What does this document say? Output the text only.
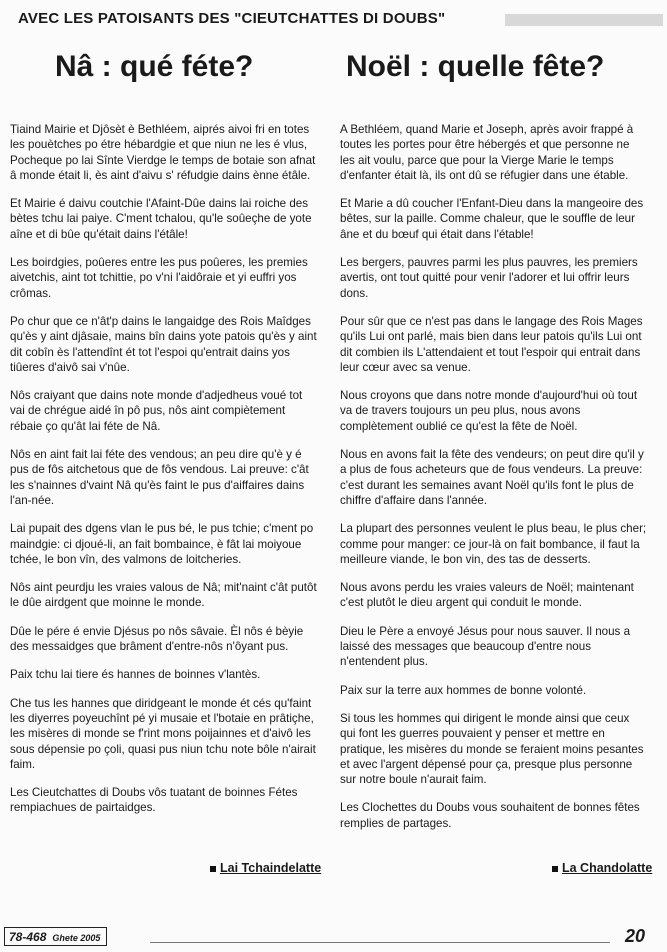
AVEC LES PATOISANTS DES "CIEUTCHATTES DI DOUBS"
Nâ : qué féte?	Noël : quelle fête?

Tiaind Mairie et Djôsèt è Bethléem, aiprés aivoi fri en totes les pouètches po étre hébardgie et que niun ne les é vlus, Pocheque po lai Sînte Vierdge le temps de botaie son afnat â monde était li, ès aint d'aivu s' réfudgie dains ènne étâle.

Et Mairie é daivu coutchie l'Afaint-Dûe dains lai roiche des bètes tchu lai paiye. C'ment tchalou, qu'le soûeçhe de yote aîne et di bûe qu'était dains l'étâle!

Les boirdgies, poûeres entre les pus poûeres, les premies aivetchis, aint tot tchittie, po v'ni l'aidôraie et yi euffri yos crômas.

Po chur que ce n'ât'p dains le langaidge des Rois Maîdges qu'ès y aint djâsaie, mains bîn dains yote patois qu'ès y aint dit cobîn ès l'attendînt ét tot l'espoi qu'entrait dains yos tiûeres d'aivô sai v'nûe.

Nôs craiyant que dains note monde d'adjedheus voué tot vai de chrégue aidé în pô pus, nôs aint compiètement rébaie ço qu'ât lai féte de Nâ.

Nôs en aint fait lai féte des vendous; an peu dire qu'è y é pus de fôs aitchetous que de fôs vendous. Lai preuve: c'ât les s'nainnes d'vaint Nâ qu'ès faint le pus d'aiffaires dains l'an-née.

Lai pupait des dgens vlan le pus bé, le pus tchie; c'ment po maindgie: ci djoué-li, an fait bombaince, è fât lai moiyoue tchée, le bon vîn, des valmons de loitcheries.

Nôs aint peurdju les vraies valous de Nâ; mit'naint c'ât putôt le dûe airdgent que moinne le monde.

Dûe le pére é envie Djésus po nôs sâvaie. Èl nôs é bèyie des messaidges que brâment d'entre-nôs n'ôyant pus.

Paix tchu lai tiere és hannes de boinnes v'lantès.

Che tus les hannes que diridgeant le monde ét cés qu'faint les diyerres poyeuchînt pé yi musaie et l'botaie en prâtiçhe, les misères di monde se f'rint mons poijainnes et d'aivô les sous dépensie po çoli, quasi pus niun tchu note bôle n'airait faim.

Les Cieutchattes di Doubs vôs tuatant de boinnes Fétes rempiachues de pairtaidges.

A Bethléem, quand Marie et Joseph, après avoir frappé à toutes les portes pour être hébergés et que personne ne les ait voulu, parce que pour la Vierge Marie le temps d'enfanter était là, ils ont dû se réfugier dans une étable.

Et Marie a dû coucher l'Enfant-Dieu dans la mangeoire des bêtes, sur la paille. Comme chaleur, que le souffle de leur âne et du bœuf qui était dans l'étable!

Les bergers, pauvres parmi les plus pauvres, les premiers avertis, ont tout quitté pour venir l'adorer et lui offrir leurs dons.

Pour sûr que ce n'est pas dans le langage des Rois Mages qu'ils Lui ont parlé, mais bien dans leur patois qu'ils Lui ont dit combien ils L'attendaient et tout l'espoir qui entrait dans leur cœur avec sa venue.

Nous croyons que dans notre monde d'aujourd'hui où tout va de travers toujours un peu plus, nous avons complètement oublié ce qu'est la fête de Noël.

Nous en avons fait la fête des vendeurs; on peut dire qu'il y a plus de fous acheteurs que de fous vendeurs. La preuve: c'est durant les semaines avant Noël qu'ils font le plus de chiffre d'affaire dans l'année.

La plupart des personnes veulent le plus beau, le plus cher; comme pour manger: ce jour-là on fait bombance, il faut la meilleure viande, le bon vin, des tas de desserts.

Nous avons perdu les vraies valeurs de Noël; maintenant c'est plutôt le dieu argent qui conduit le monde.

Dieu le Père a envoyé Jésus pour nous sauver. Il nous a laissé des messages que beaucoup d'entre nous n'entendent plus.

Paix sur la terre aux hommes de bonne volonté.

Si tous les hommes qui dirigent le monde ainsi que ceux qui font les guerres pouvaient y penser et mettre en pratique, les misères du monde se feraient moins pesantes et avec l'argent dépensé pour ça, presque plus personne sur notre boule n'aurait faim.

Les Clochettes du Doubs vous souhaitent de bonnes fêtes remplies de partages.

Lai Tchaindelatte	La Chandolatte
78-468 Ghete 2005	20
